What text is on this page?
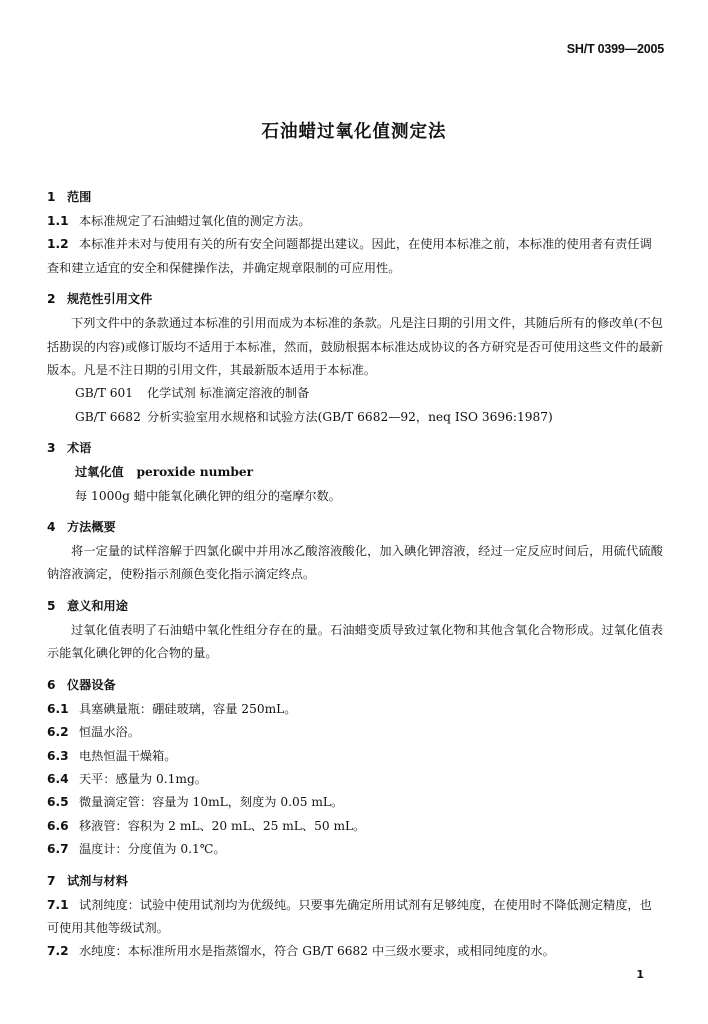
SH/T 0399—2005
石油蜡过氧化值测定法
1 范围
1.1 本标准规定了石油蜡过氧化值的测定方法。
1.2 本标准并未对与使用有关的所有安全问题都提出建议。因此，在使用本标准之前，本标准的使用者有责任调查和建立适宜的安全和保健操作法，并确定规章限制的可应用性。
2 规范性引用文件

下列文件中的条款通过本标准的引用而成为本标准的条款。凡是注日期的引用文件，其随后所有的修改单(不包括勘误的内容)或修订版均不适用于本标准，然而，鼓励根据本标准达成协议的各方研究是否可使用这些文件的最新版本。凡是不注日期的引用文件，其最新版本适用于本标准。

GB/T 601 化学试剂 标准滴定溶液的制备
GB/T 6682 分析实验室用水规格和试验方法(GB/T 6682—92，neq ISO 3696:1987)
3 术语
过氧化值 peroxide number
每 1000g 蜡中能氧化碘化钾的组分的毫摩尔数。
4 方法概要

将一定量的试样溶解于四氯化碳中并用冰乙酸溶液酸化，加入碘化钾溶液，经过一定反应时间后，用硫代硫酸钠溶液滴定，使粉指示剂颜色变化指示滴定终点。

5 意义和用途

过氧化值表明了石油蜡中氧化性组分存在的量。石油蜡变质导致过氧化物和其他含氧化合物形成。过氧化值表示能氧化碘化钾的化合物的量。

6 仪器设备
6.1 具塞碘量瓶：硼硅玻璃，容量 250mL。
6.2 恒温水浴。
6.3 电热恒温干燥箱。
6.4 天平：感量为 0.1mg。
6.5 微量滴定管：容量为 10mL，刻度为 0.05 mL。
6.6 移液管：容积为 2 mL、20 mL、25 mL、50 mL。
6.7 温度计：分度值为 0.1℃。
7 试剂与材料
7.1 试剂纯度：试验中使用试剂均为优级纯。只要事先确定所用试剂有足够纯度，在使用时不降低测定精度，也可使用其他等级试剂。
7.2 水纯度：本标准所用水是指蒸馏水，符合 GB/T 6682 中三级水要求，或相同纯度的水。
1
